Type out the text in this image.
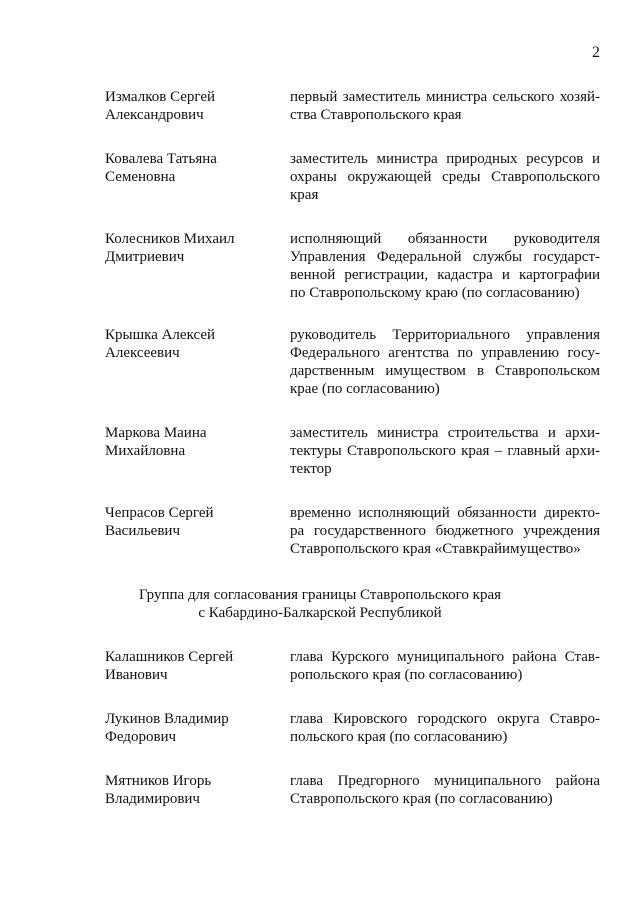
2
Измалков Сергей
Александрович
первый заместитель министра сельского хозяй-
ства Ставропольского края
Ковалева Татьяна
Семеновна
заместитель министра природных ресурсов и
охраны окружающей среды Ставропольского
края
Колесников Михаил
Дмитриевич
исполняющий обязанности руководителя
Управления Федеральной службы государст-
венной регистрации, кадастра и картографии
по Ставропольскому краю (по согласованию)
Крышка Алексей
Алексеевич
руководитель Территориального управления
Федерального агентства по управлению госу-
дарственным имуществом в Ставропольском
крае (по согласованию)
Маркова Маина
Михайловна
заместитель министра строительства и архи-
тектуры Ставропольского края – главный архи-
тектор
Чепрасов Сергей
Васильевич
временно исполняющий обязанности директо-
ра государственного бюджетного учреждения
Ставропольского края «Ставкрайимущество»
Группа для согласования границы Ставропольского края
с Кабардино-Балкарской Республикой
Калашников Сергей
Иванович
глава Курского муниципального района Став-
ропольского края (по согласованию)
Лукинов Владимир
Федорович
глава Кировского городского округа Ставро-
польского края (по согласованию)
Мятников Игорь
Владимирович
глава Предгорного муниципального района
Ставропольского края (по согласованию)
